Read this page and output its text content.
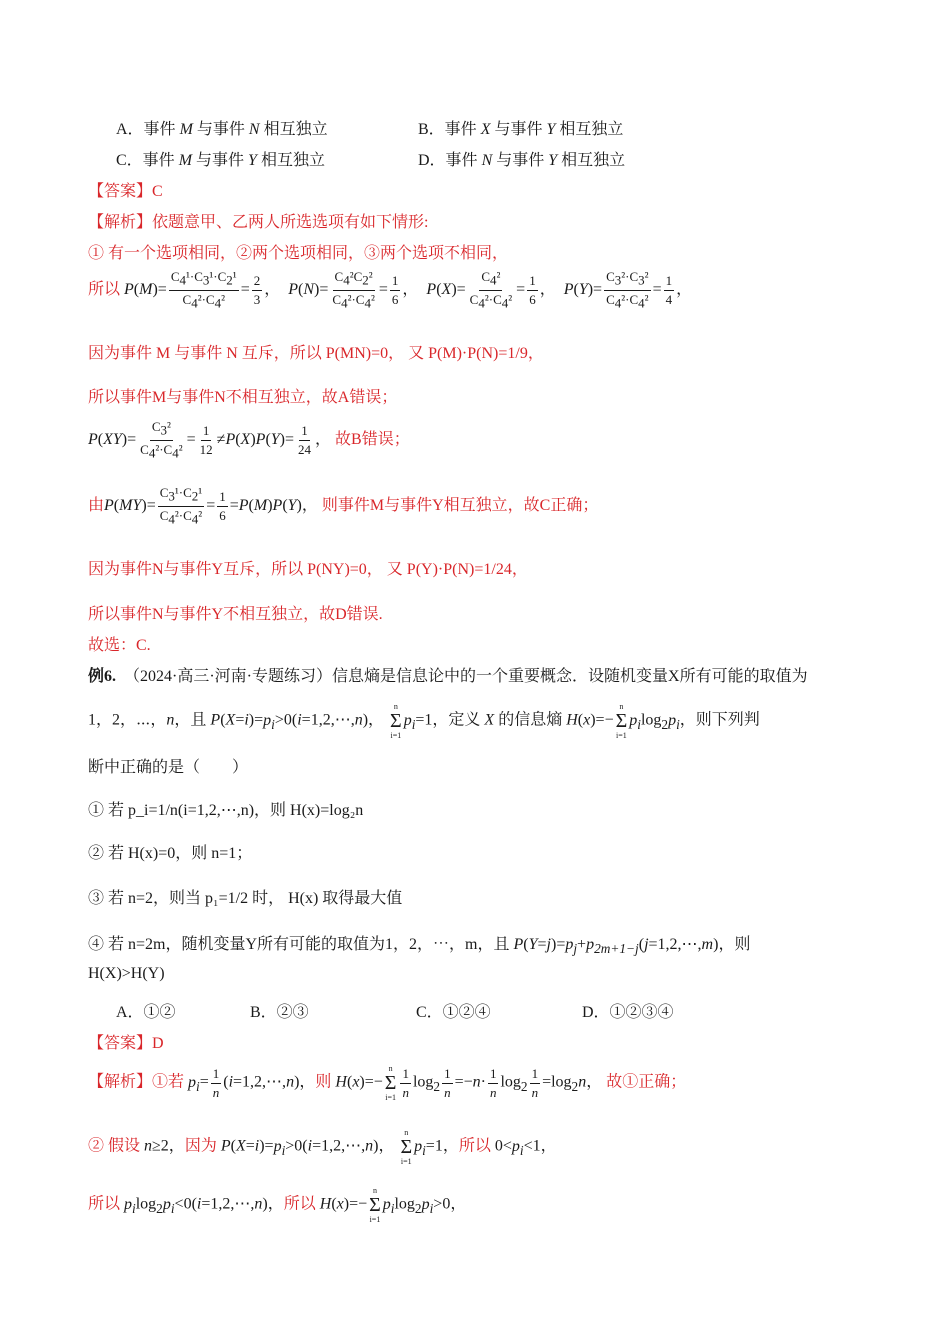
A．事件 M 与事件 N 相互独立	B．事件 X 与事件 Y 相互独立
C．事件 M 与事件 Y 相互独立	D．事件 N 与事件 Y 相互独立
【答案】C
【解析】依题意甲、乙两人所选选项有如下情形:
① 有一个选项相同，②两个选项相同，③两个选项不相同，
所以 $P(M)= \frac{C_4^1\cdot C_3^1\cdot C_2^1}{C_4^2\cdot C_4^2} = \frac{2}{3}$ ，  $P(N)= \frac{C_4^2C_2^2}{C_4^2\cdot C_4^2} = \frac{1}{6}$ ，  $P(X)= \frac{C_4^2}{C_4^2\cdot C_4^2} = \frac{1}{6}$ ，  $P(Y)= \frac{C_3^2\cdot C_3^2}{C_4^2\cdot C_4^2} = \frac{1}{4}$ ，
因为事件 M 与事件 N 互斥，所以 P(MN)=0， 又 P(M)·P(N)=1/9，
所以事件M与事件N不相互独立，故A错误；
$P(XY)= \frac{C_3^2}{C_4^2\cdot C_4^2} = \frac{1}{12} \ne P(X)P(Y)= \frac{1}{24}$ ， 故B错误；
由$P(MY)= \frac{C_3^1\cdot C_2^1}{C_4^2\cdot C_4^2} = \frac{1}{6} =P(M)P(Y)$， 则事件M与事件Y相互独立，故C正确；
因为事件N与事件Y互斥，所以 P(NY)=0， 又 P(Y)·P(N)=1/24，
所以事件N与事件Y不相互独立，故D错误.
故选：C.
例6. （2024·高三·河南·专题练习）信息熵是信息论中的一个重要概念．设随机变量X所有可能的取值为
1，2，⋯，n，且 $P(X=i)=p_i>0(i=1,2,\cdots,n)$，
n
Σ
i=1
$p_i=1$，定义 X 的信息熵 H(x)=−
n
Σ
i=1
$p_i\log_2p_i$，则下列判
断中正确的是（　　）
① 若 p_i=1/n(i=1,2,⋯,n)，则 H(x)=log₂n
② 若 H(x)=0，则 n=1；
③ 若 n=2，则当 p₁=1/2 时， H(x) 取得最大值
④ 若 n=2m，随机变量Y所有可能的取值为1，2，⋯，m，且 $P(Y=j)=p_j+p_{2m+1-j}(j=1,2,\cdots,m)$，则
H(X)>H(Y)
A．①②	B．②③	C．①②④	D．①②③④
【答案】D
【解析】①若 $p_i= \frac{1}{n}$ (i=1,2,⋯,n)，则 H(x)=−
n
Σ
$i=1 \frac{1}{n} \log_2 \frac{1}{n} =-n\cdot \frac{1}{n} \log_2 \frac{1}{n} =\log_2n$， 故①正确；
② 假设 n≥2，因为 $P(X=i)=p_i>0(i=1,2,\cdots,n)$，
n
Σ
i=1
$p_i=1$，所以 $0<p_i<1$，
所以 $p_i\log_2p_i<0(i=1,2,\cdots,n)$，所以 H(x)=−
n
Σ
i=1
$p_i\log_2p_i>0$，
